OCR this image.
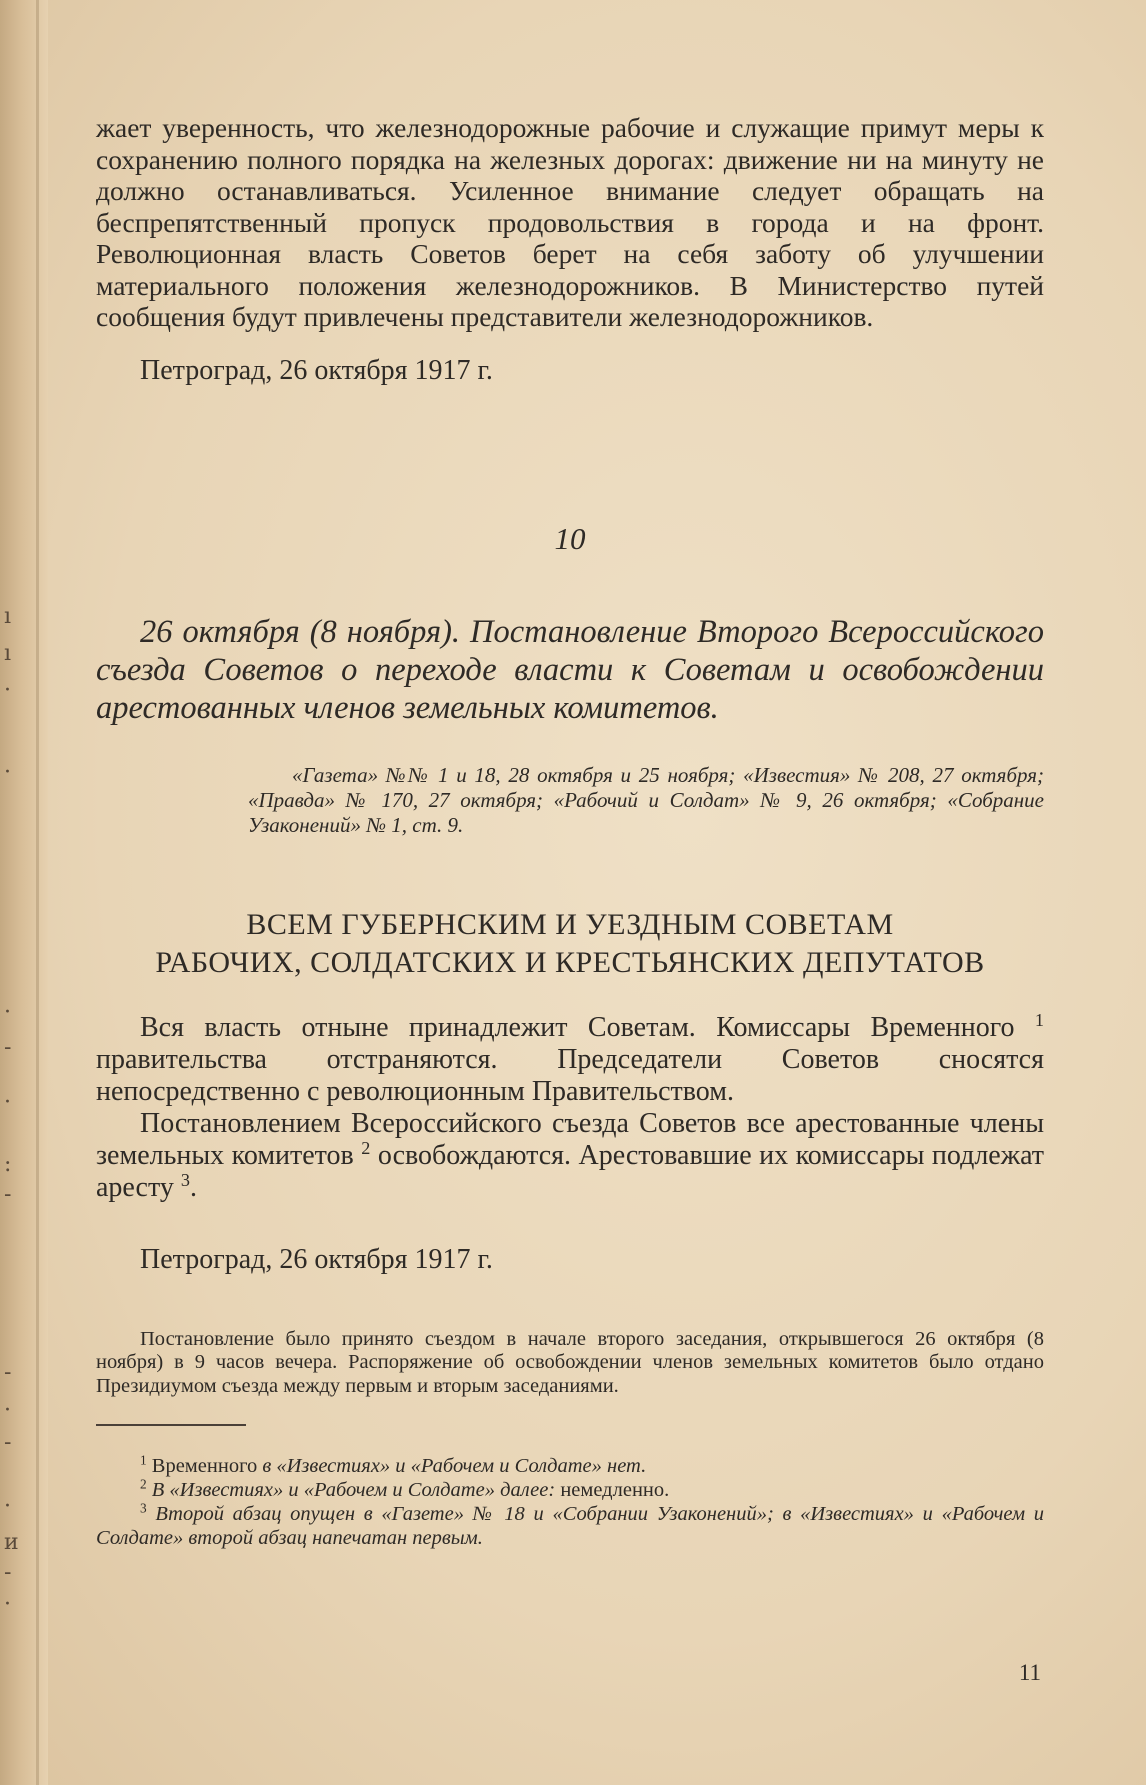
ı
ı
·
·
·
-
·
:
-
-
·
-
·
и
-
·

жает уверенность, что железнодорожные рабочие и служащие примут меры к сохранению полного порядка на железных дорогах: движение ни на минуту не должно останавливаться. Усиленное внимание следует обращать на беспрепятственный пропуск продовольствия в города и на фронт. Революционная власть Советов берет на себя заботу об улучшении материального положения железнодорожников. В Министерство путей сообщения будут привлечены представители железнодорожников.

Петроград, 26 октября 1917 г.
10

26 октября (8 ноября). Постановление Второго Всероссийского съезда Советов о переходе власти к Советам и освобождении арестованных членов земельных комитетов.

«Газета» №№ 1 и 18, 28 октября и 25 ноября; «Известия» № 208, 27 октября; «Правда» № 170, 27 октября; «Рабочий и Солдат» № 9, 26 октября; «Собрание Узаконений» № 1, ст. 9.

ВСЕМ ГУБЕРНСКИМ И УЕЗДНЫМ СОВЕТАМ
РАБОЧИХ, СОЛДАТСКИХ И КРЕСТЬЯНСКИХ ДЕПУТАТОВ

Вся власть отныне принадлежит Советам. Комиссары Временного $^1$ правительства отстраняются. Председатели Советов сносятся непосредственно с революционным Правительством.

Постановлением Всероссийского съезда Советов все арестованные члены земельных комитетов $^2$ освобождаются. Арестовавшие их комиссары подлежат аресту $^3$.

Петроград, 26 октября 1917 г.

Постановление было принято съездом в начале второго заседания, открывшегося 26 октября (8 ноября) в 9 часов вечера. Распоряжение об освобождении членов земельных комитетов было отдано Президиумом съезда между первым и вторым заседаниями.

$^1$ Временного в «Известиях» и «Рабочем и Солдате» нет.

$^2$ В «Известиях» и «Рабочем и Солдате» далее: немедленно.

$^3$ Второй абзац опущен в «Газете» № 18 и «Собрании Узаконений»; в «Известиях» и «Рабочем и Солдате» второй абзац напечатан первым.

11
